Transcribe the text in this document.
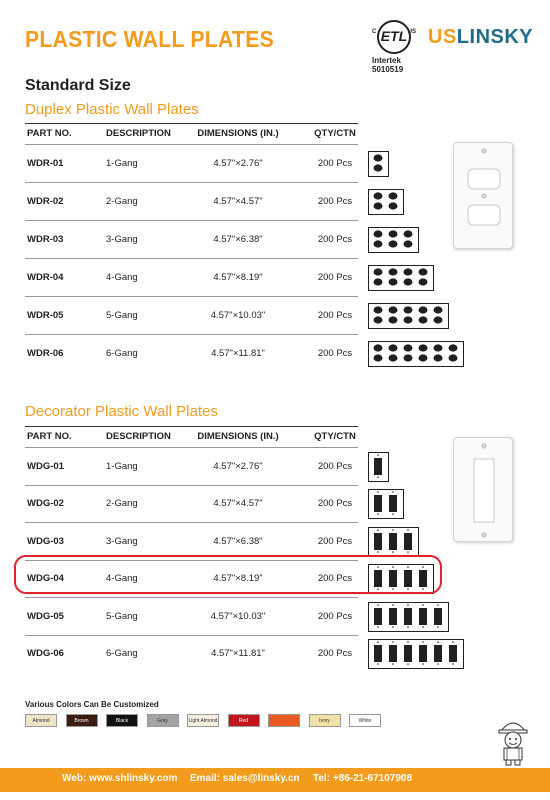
PLASTIC WALL PLATES	C ETL US
Intertek
5010519
USLINSKY
Standard Size
Duplex Plastic Wall Plates
PART NO.	DESCRIPTION	DIMENSIONS (IN.)	QTY/CTN
WDR-01	1-Gang	4.57"×2.76"	200 Pcs
WDR-02	2-Gang	4.57"×4.57"	200 Pcs
WDR-03	3-Gang	4.57"×6.38"	200 Pcs
WDR-04	4-Gang	4.57"×8.19"	200 Pcs
WDR-05	5-Gang	4.57"×10.03"	200 Pcs
WDR-06	6-Gang	4.57"×11.81"	200 Pcs
Decorator Plastic Wall Plates
PART NO.	DESCRIPTION	DIMENSIONS (IN.)	QTY/CTN
WDG-01	1-Gang	4.57"×2.76"	200 Pcs
WDG-02	2-Gang	4.57"×4.57"	200 Pcs
WDG-03	3-Gang	4.57"×6.38"	200 Pcs
WDG-04	4-Gang	4.57"×8.19"	200 Pcs
WDG-05	5-Gang	4.57"×10.03"	200 Pcs
WDG-06	6-Gang	4.57"×11.81"	200 Pcs
Various Colors Can Be Customized
Almond	Brown	Black	Gray	Light Almond	Red	Ivory	White
Web: www.shlinsky.com Email: sales@linsky.cn Tel: +86-21-67107908
